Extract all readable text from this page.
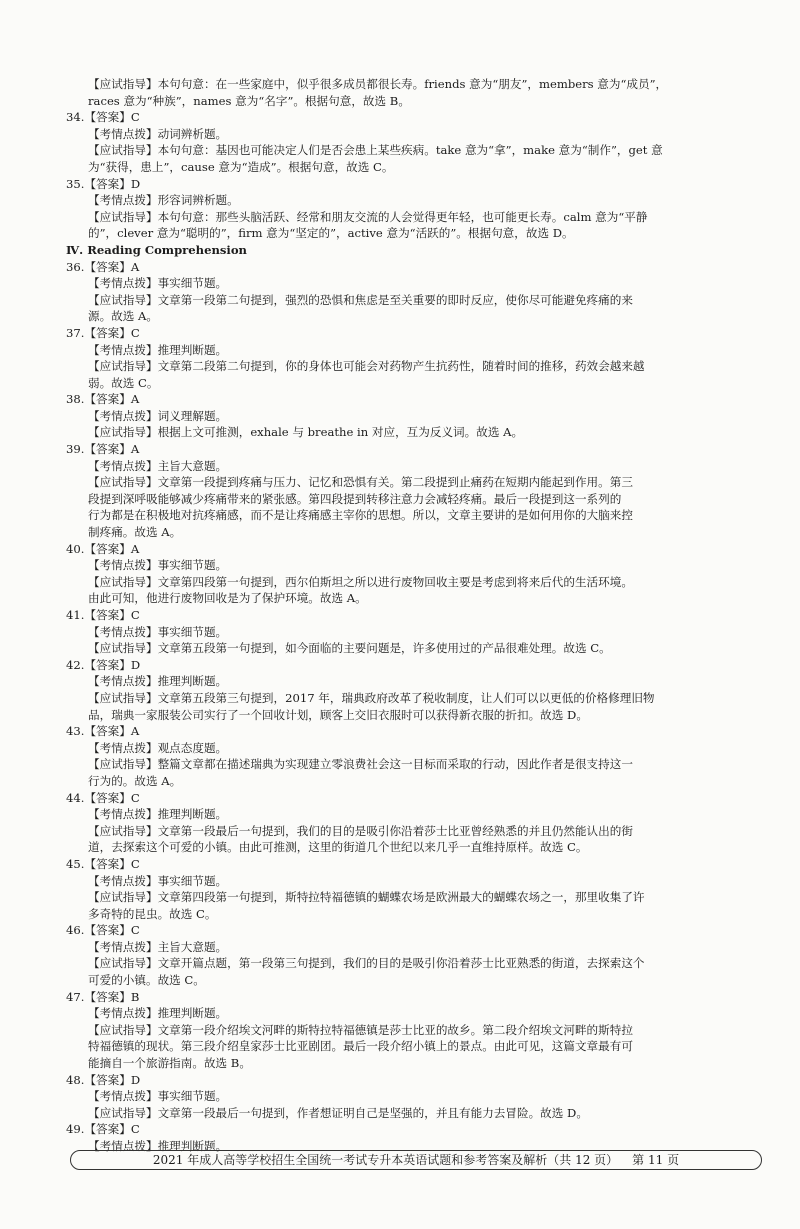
【应试指导】本句句意：在一些家庭中，似乎很多成员都很长寿。friends 意为“朋友”，members 意为“成员”，
races 意为“种族”，names 意为“名字”。根据句意，故选 B。
34.【答案】C
【考情点拨】动词辨析题。
【应试指导】本句句意：基因也可能决定人们是否会患上某些疾病。take 意为“拿”，make 意为“制作”，get 意
为“获得，患上”，cause 意为“造成”。根据句意，故选 C。
35.【答案】D
【考情点拨】形容词辨析题。
【应试指导】本句句意：那些头脑活跃、经常和朋友交流的人会觉得更年轻，也可能更长寿。calm 意为“平静
的”，clever 意为“聪明的”，firm 意为“坚定的”，active 意为“活跃的”。根据句意，故选 D。
Ⅳ. Reading Comprehension
36.【答案】A
【考情点拨】事实细节题。
【应试指导】文章第一段第二句提到，强烈的恐惧和焦虑是至关重要的即时反应，使你尽可能避免疼痛的来
源。故选 A。
37.【答案】C
【考情点拨】推理判断题。
【应试指导】文章第二段第二句提到，你的身体也可能会对药物产生抗药性，随着时间的推移，药效会越来越
弱。故选 C。
38.【答案】A
【考情点拨】词义理解题。
【应试指导】根据上文可推测，exhale 与 breathe in 对应，互为反义词。故选 A。
39.【答案】A
【考情点拨】主旨大意题。
【应试指导】文章第一段提到疼痛与压力、记忆和恐惧有关。第二段提到止痛药在短期内能起到作用。第三
段提到深呼吸能够减少疼痛带来的紧张感。第四段提到转移注意力会减轻疼痛。最后一段提到这一系列的
行为都是在积极地对抗疼痛感，而不是让疼痛感主宰你的思想。所以，文章主要讲的是如何用你的大脑来控
制疼痛。故选 A。
40.【答案】A
【考情点拨】事实细节题。
【应试指导】文章第四段第一句提到，西尔伯斯坦之所以进行废物回收主要是考虑到将来后代的生活环境。
由此可知，他进行废物回收是为了保护环境。故选 A。
41.【答案】C
【考情点拨】事实细节题。
【应试指导】文章第五段第一句提到，如今面临的主要问题是，许多使用过的产品很难处理。故选 C。
42.【答案】D
【考情点拨】推理判断题。
【应试指导】文章第五段第三句提到，2017 年，瑞典政府改革了税收制度，让人们可以以更低的价格修理旧物
品，瑞典一家服装公司实行了一个回收计划，顾客上交旧衣服时可以获得新衣服的折扣。故选 D。
43.【答案】A
【考情点拨】观点态度题。
【应试指导】整篇文章都在描述瑞典为实现建立零浪费社会这一目标而采取的行动，因此作者是很支持这一
行为的。故选 A。
44.【答案】C
【考情点拨】推理判断题。
【应试指导】文章第一段最后一句提到，我们的目的是吸引你沿着莎士比亚曾经熟悉的并且仍然能认出的街
道，去探索这个可爱的小镇。由此可推测，这里的街道几个世纪以来几乎一直维持原样。故选 C。
45.【答案】C
【考情点拨】事实细节题。
【应试指导】文章第四段第一句提到，斯特拉特福德镇的蝴蝶农场是欧洲最大的蝴蝶农场之一，那里收集了许
多奇特的昆虫。故选 C。
46.【答案】C
【考情点拨】主旨大意题。
【应试指导】文章开篇点题，第一段第三句提到，我们的目的是吸引你沿着莎士比亚熟悉的街道，去探索这个
可爱的小镇。故选 C。
47.【答案】B
【考情点拨】推理判断题。
【应试指导】文章第一段介绍埃文河畔的斯特拉特福德镇是莎士比亚的故乡。第二段介绍埃文河畔的斯特拉
特福德镇的现状。第三段介绍皇家莎士比亚剧团。最后一段介绍小镇上的景点。由此可见，这篇文章最有可
能摘自一个旅游指南。故选 B。
48.【答案】D
【考情点拨】事实细节题。
【应试指导】文章第一段最后一句提到，作者想证明自己是坚强的，并且有能力去冒险。故选 D。
49.【答案】C
【考情点拨】推理判断题。
2021 年成人高等学校招生全国统一考试专升本英语试题和参考答案及解析（共 12 页） 第 11 页
